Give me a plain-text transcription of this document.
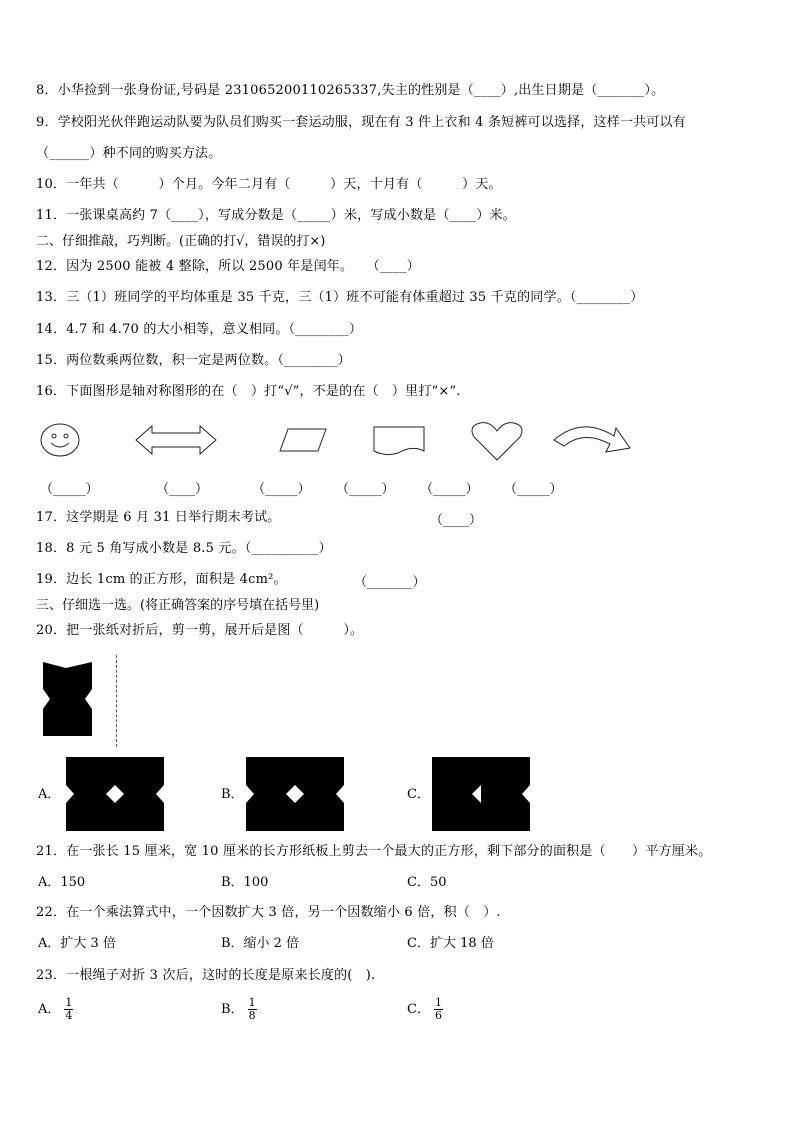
8．小华捡到一张身份证,号码是 231065200110265337,失主的性别是（____）,出生日期是（_______）。
9．学校阳光伙伴跑运动队要为队员们购买一套运动服，现在有 3 件上衣和 4 条短裤可以选择，这样一共可以有
（______）种不同的购买方法。
10．一年共（　　　）个月。今年二月有（　　　）天，十月有（　　　）天。
11．一张课桌高约 7（____），写成分数是（_____）米，写成小数是（____）米。
二、仔细推敲，巧判断。(正确的打√，错误的打×)
12．因为 2500 能被 4 整除，所以 2500 年是闰年。　　（____）
13．三（1）班同学的平均体重是 35 千克，三（1）班不可能有体重超过 35 千克的同学。（________）
14．4.7 和 4.70 的大小相等，意义相同。（________）
15．两位数乘两位数，积一定是两位数。（________）
16．下面图形是轴对称图形的在（　）打“√”，不是的在（　）里打“×”.
（_____）	（____）	（_____） （_____） （_____） （_____）
17．这学期是 6 月 31 日举行期末考试。	（____）
18．8 元 5 角写成小数是 8.5 元。（__________）
19．边长 1cm 的正方形，面积是 4cm²。	（_______）
三、仔细选一选。(将正确答案的序号填在括号里)
20．把一张纸对折后，剪一剪，展开后是图（　　　）。
A．	B．	C．
21．在一张长 15 厘米，宽 10 厘米的长方形纸板上剪去一个最大的正方形，剩下部分的面积是（　　）平方厘米。
A．150	B．100	C．50
22．在一个乘法算式中，一个因数扩大 3 倍，另一个因数缩小 6 倍，积（　）.
A．扩大 3 倍	B．缩小 2 倍	C．扩大 18 倍
23．一根绳子对折 3 次后，这时的长度是原来长度的(　).
A． $\frac{1}{4}$	B． $\frac{1}{8}$	C． $\frac{1}{6}$
